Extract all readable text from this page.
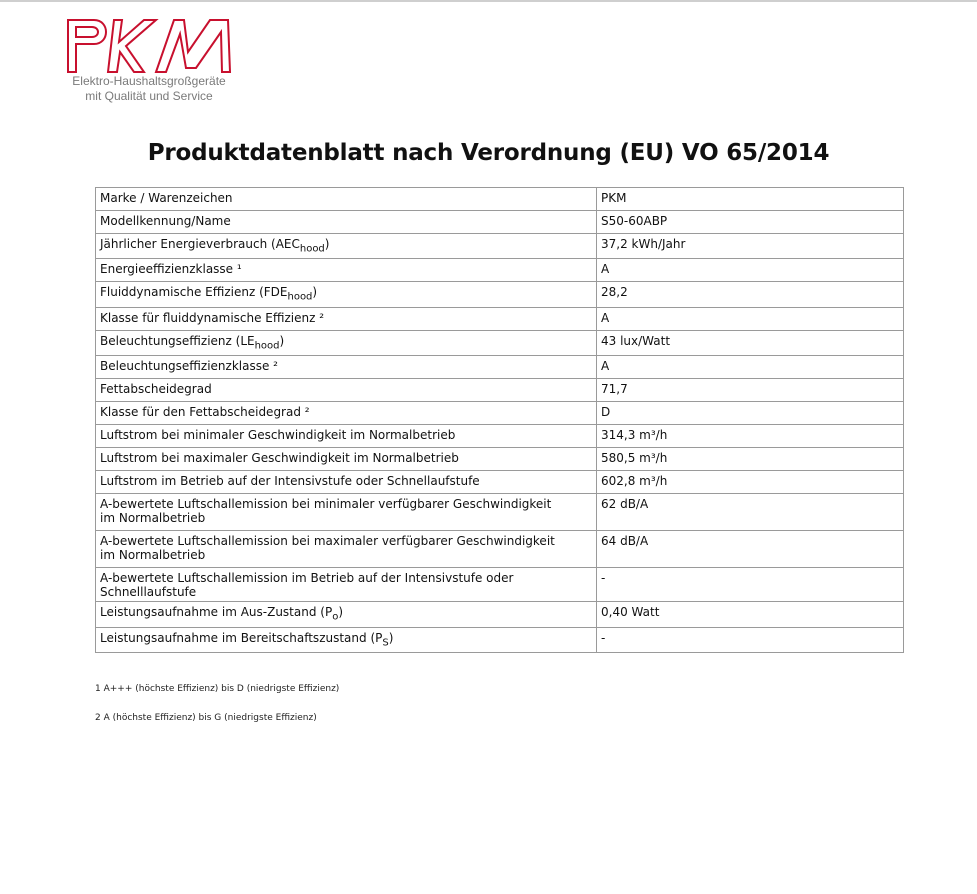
Elektro-Haushaltsgroßgeräte
mit Qualität und Service
Produktdatenblatt nach Verordnung (EU) VO 65/2014
Marke / Warenzeichen	PKM
Modellkennung/Name	S50-60ABP
Jährlicher Energieverbrauch $(AEC_{hood})$	37,2 kWh/Jahr
Energieeffizienzklasse ¹	A
Fluiddynamische Effizienz $(FDE_{hood})$	28,2
Klasse für fluiddynamische Effizienz ²	A
Beleuchtungseffizienz $(LE_{hood})$	43 lux/Watt
Beleuchtungseffizienzklasse ²	A
Fettabscheidegrad	71,7
Klasse für den Fettabscheidegrad ²	D
Luftstrom bei minimaler Geschwindigkeit im Normalbetrieb	314,3 m³/h
Luftstrom bei maximaler Geschwindigkeit im Normalbetrieb	580,5 m³/h
Luftstrom im Betrieb auf der Intensivstufe oder Schnellaufstufe	602,8 m³/h
A-bewertete Luftschallemission bei minimaler verfügbarer Geschwindigkeit
im Normalbetrieb	62 dB/A
A-bewertete Luftschallemission bei maximaler verfügbarer Geschwindigkeit
im Normalbetrieb	64 dB/A
A-bewertete Luftschallemission im Betrieb auf der Intensivstufe oder Schnelllaufstufe	-
Leistungsaufnahme im Aus-Zustand $(P_o)$	0,40 Watt
Leistungsaufnahme im Bereitschaftszustand $(P_S)$	-
1 A+++ (höchste Effizienz) bis D (niedrigste Effizienz)
2 A (höchste Effizienz) bis G (niedrigste Effizienz)
